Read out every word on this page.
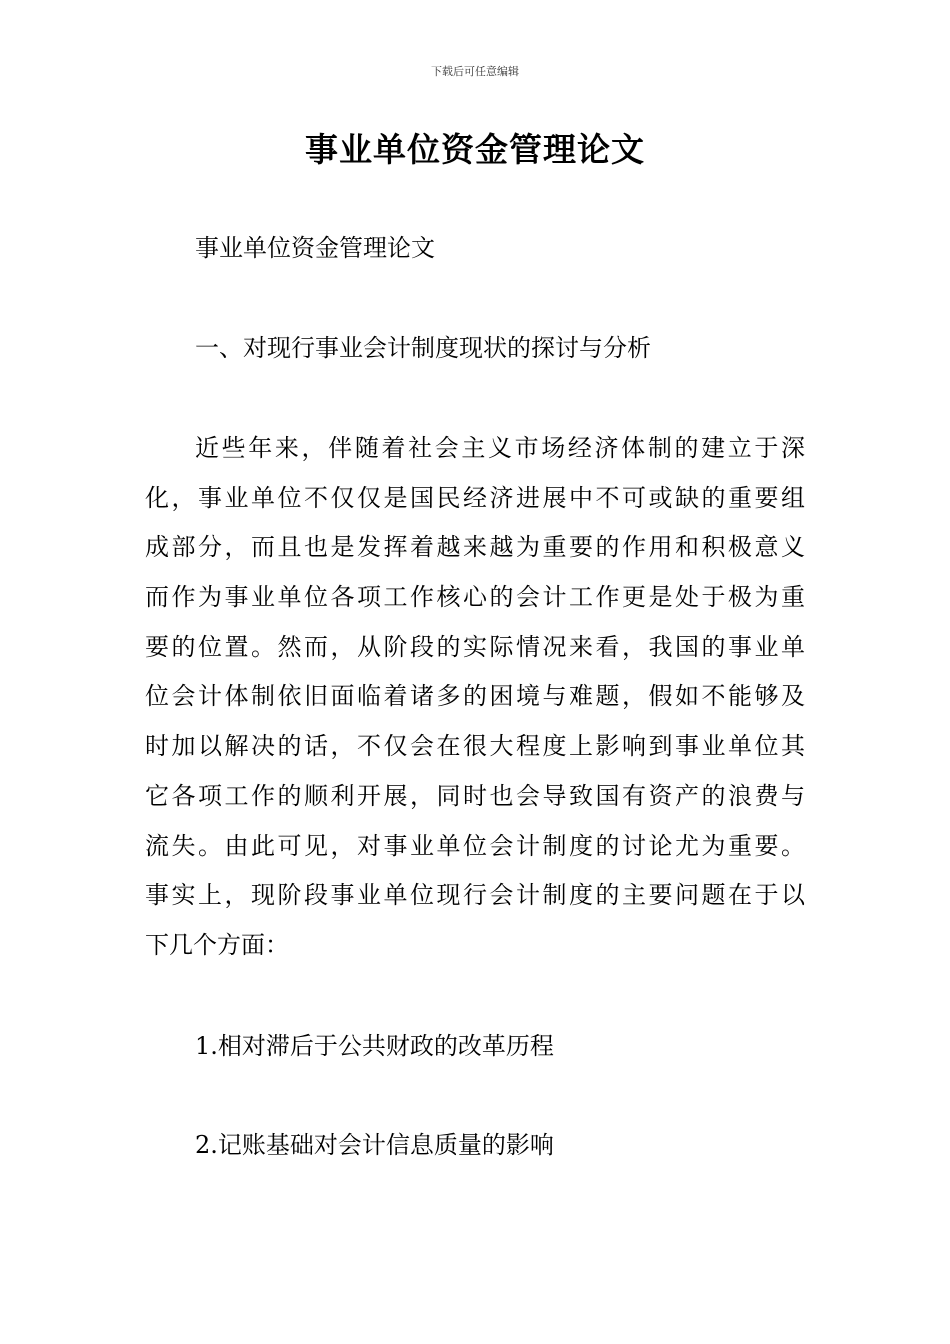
下载后可任意编辑
事业单位资金管理论文
事业单位资金管理论文
一、对现行事业会计制度现状的探讨与分析
近些年来，伴随着社会主义市场经济体制的建立于深
化，事业单位不仅仅是国民经济进展中不可或缺的重要组
成部分，而且也是发挥着越来越为重要的作用和积极意义
而作为事业单位各项工作核心的会计工作更是处于极为重
要的位置。然而，从阶段的实际情况来看，我国的事业单
位会计体制依旧面临着诸多的困境与难题，假如不能够及
时加以解决的话，不仅会在很大程度上影响到事业单位其
它各项工作的顺利开展，同时也会导致国有资产的浪费与
流失。由此可见，对事业单位会计制度的讨论尤为重要。
事实上，现阶段事业单位现行会计制度的主要问题在于以
下几个方面：
1.相对滞后于公共财政的改革历程
2.记账基础对会计信息质量的影响
